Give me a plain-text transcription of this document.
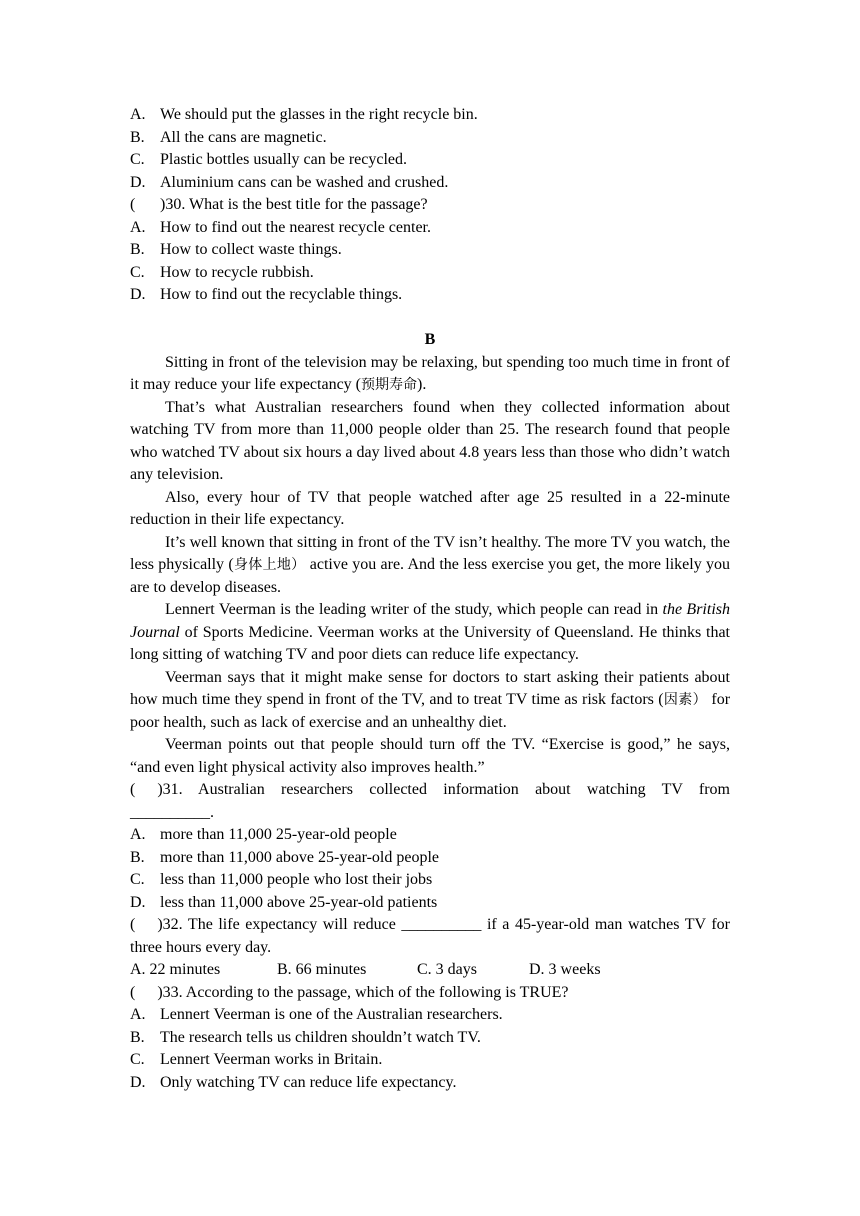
A. We should put the glasses in the right recycle bin.
B. All the cans are magnetic.
C. Plastic bottles usually can be recycled.
D. Aluminium cans can be washed and crushed.
( ) 30. What is the best title for the passage?
A. How to find out the nearest recycle center.
B. How to collect waste things.
C. How to recycle rubbish.
D. How to find out the recyclable things.
B

Sitting in front of the television may be relaxing, but spending too much time in front of it may reduce your life expectancy (预期寿命).

That’s what Australian researchers found when they collected information about watching TV from more than 11,000 people older than 25. The research found that people who watched TV about six hours a day lived about 4.8 years less than those who didn’t watch any television.

Also, every hour of TV that people watched after age 25 resulted in a 22-minute reduction in their life expectancy.

It’s well known that sitting in front of the TV isn’t healthy. The more TV you watch, the less physically (身体上地） active you are. And the less exercise you get, the more likely you are to develop diseases.

Lennert Veerman is the leading writer of the study, which people can read in the British Journal of Sports Medicine. Veerman works at the University of Queensland. He thinks that long sitting of watching TV and poor diets can reduce life expectancy.

Veerman says that it might make sense for doctors to start asking their patients about how much time they spend in front of the TV, and to treat TV time as risk factors (因素） for poor health, such as lack of exercise and an unhealthy diet.

Veerman points out that people should turn off the TV. “Exercise is good,” he says, “and even light physical activity also improves health.”

( )31. Australian researchers collected information about watching TV from
__________.
A. more than 11,000 25-year-old people
B. more than 11,000 above 25-year-old people
C. less than 11,000 people who lost their jobs
D. less than 11,000 above 25-year-old patients

( )32. The life expectancy will reduce __________ if a 45-year-old man watches TV for three hours every day.

A. 22 minutes	B. 66 minutes	C. 3 days	D. 3 weeks
( ) 33. According to the passage, which of the following is TRUE?
A. Lennert Veerman is one of the Australian researchers.
B. The research tells us children shouldn’t watch TV.
C. Lennert Veerman works in Britain.
D. Only watching TV can reduce life expectancy.
